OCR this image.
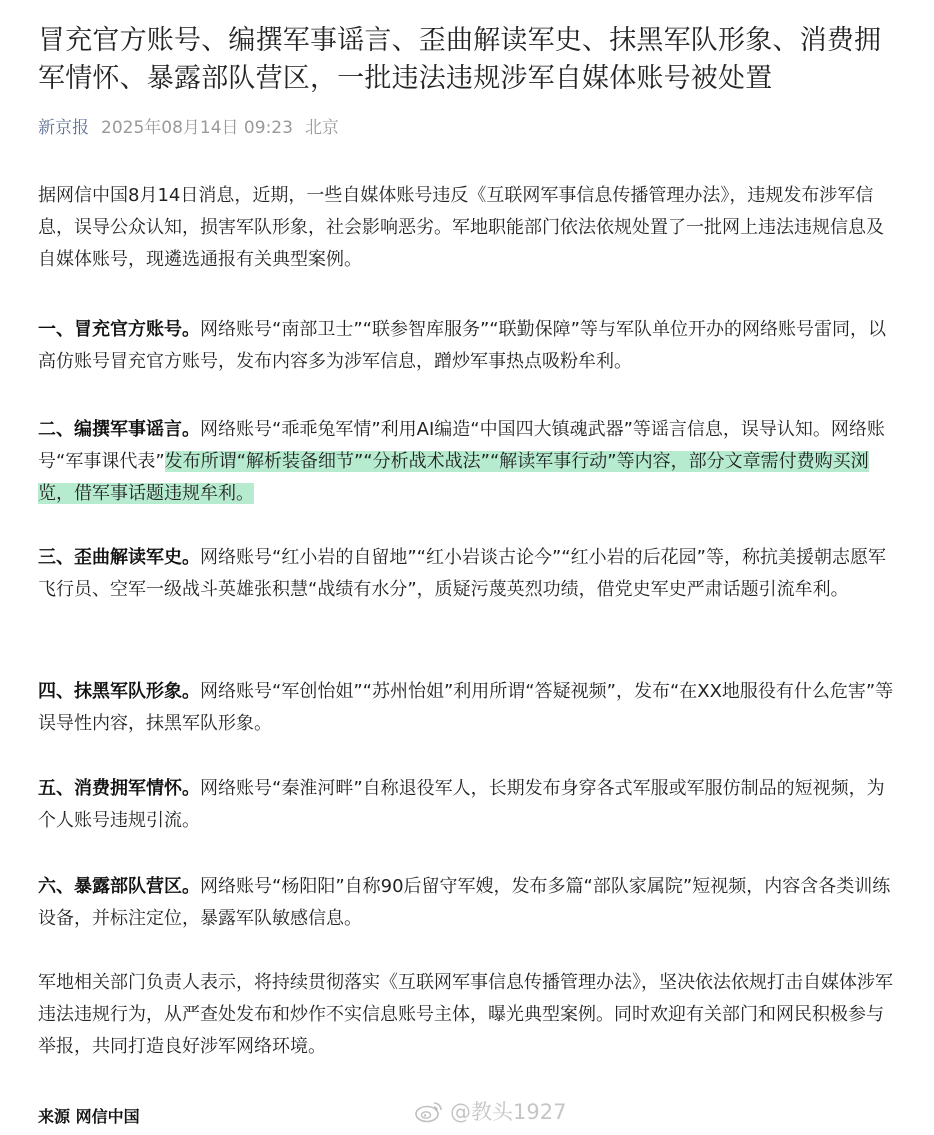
冒充官方账号、编撰军事谣言、歪曲解读军史、抹黑军队形象、消费拥军情怀、暴露部队营区，一批违法违规涉军自媒体账号被处置
新京报 2025年08月14日 09:23 北京

据网信中国8月14日消息，近期，一些自媒体账号违反《互联网军事信息传播管理办法》，违规发布涉军信息，误导公众认知，损害军队形象，社会影响恶劣。军地职能部门依法依规处置了一批网上违法违规信息及自媒体账号，现遴选通报有关典型案例。

一、冒充官方账号。网络账号“南部卫士”“联参智库服务”“联勤保障”等与军队单位开办的网络账号雷同，以高仿账号冒充官方账号，发布内容多为涉军信息，蹭炒军事热点吸粉牟利。

二、编撰军事谣言。网络账号“乖乖兔军情”利用AI编造“中国四大镇魂武器”等谣言信息，误导认知。网络账号“军事课代表”发布所谓“解析装备细节”“分析战术战法”“解读军事行动”等内容，部分文章需付费购买浏览，借军事话题违规牟利。

三、歪曲解读军史。网络账号“红小岩的自留地”“红小岩谈古论今”“红小岩的后花园”等，称抗美援朝志愿军飞行员、空军一级战斗英雄张积慧“战绩有水分”，质疑污蔑英烈功绩，借党史军史严肃话题引流牟利。

四、抹黑军队形象。网络账号“军创怡姐”“苏州怡姐”利用所谓“答疑视频”，发布“在XX地服役有什么危害”等误导性内容，抹黑军队形象。

五、消费拥军情怀。网络账号“秦淮河畔”自称退役军人，长期发布身穿各式军服或军服仿制品的短视频，为个人账号违规引流。

六、暴露部队营区。网络账号“杨阳阳”自称90后留守军嫂，发布多篇“部队家属院”短视频，内容含各类训练设备，并标注定位，暴露军队敏感信息。

军地相关部门负责人表示，将持续贯彻落实《互联网军事信息传播管理办法》，坚决依法依规打击自媒体涉军违法违规行为，从严查处发布和炒作不实信息账号主体，曝光典型案例。同时欢迎有关部门和网民积极参与举报，共同打造良好涉军网络环境。

来源 网信中国	@教头1927
